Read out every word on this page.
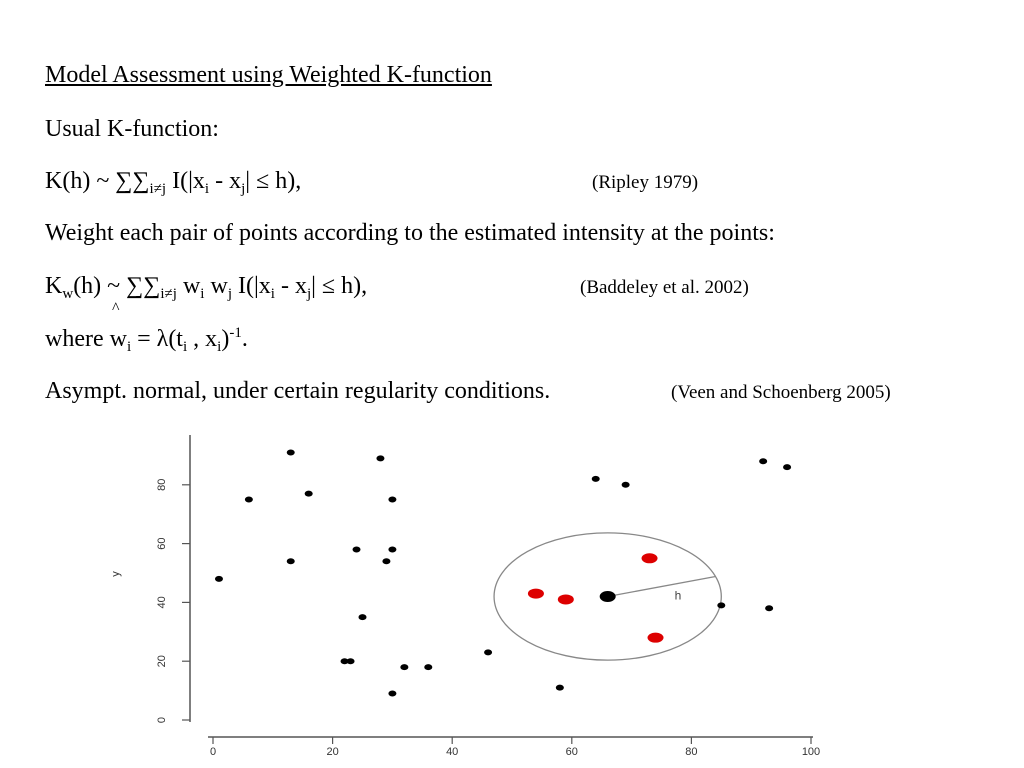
Model Assessment using Weighted K-function
Usual K-function:
K(h) ~ $\sum\sum_{i\ne j}$ $I(|x_i - x_j| \le h)$,	(Ripley 1979)
Weight each pair of points according to the estimated intensity at the points:
$K_w(h)$ ~ $\sum\sum_{i\ne j}$ $w_i$ $w_j$ $I(|x_i - x_j| \le h)$,
^
(Baddeley et al. 2002)
where $w_i = \lambda(t_i$ , $x_i)^{-1}$.
Asympt. normal, under certain regularity conditions.	(Veen and Schoenberg 2005)
0
20
40
60
80
0	20	40	60	80	100
y
h
